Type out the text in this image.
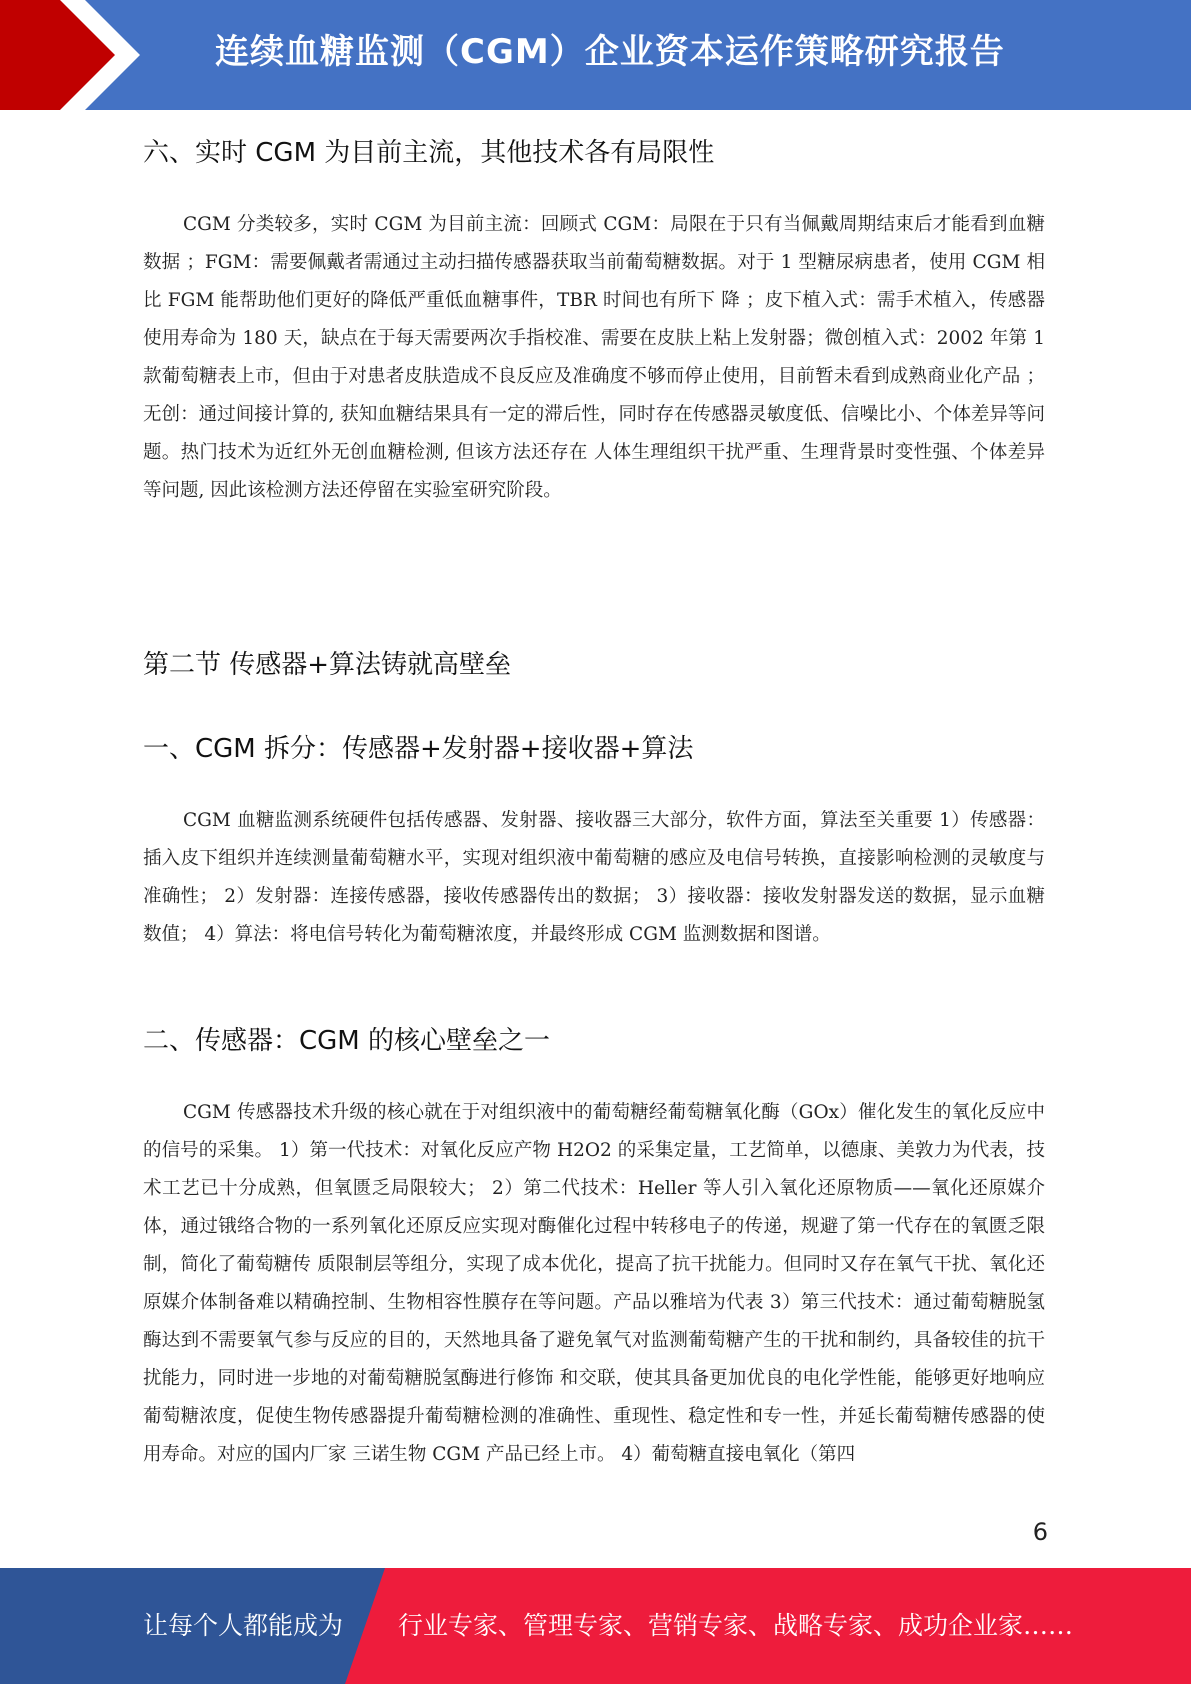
连续血糖监测（CGM）企业资本运作策略研究报告
六、实时 CGM 为目前主流，其他技术各有局限性

CGM 分类较多，实时 CGM 为目前主流：回顾式 CGM：局限在于只有当佩戴周期结束后才能看到血糖数据 ；FGM：需要佩戴者需通过主动扫描传感器获取当前葡萄糖数据。对于 1 型糖尿病患者，使用 CGM 相比 FGM 能帮助他们更好的降低严重低血糖事件，TBR 时间也有所下 降 ；皮下植入式：需手术植入，传感器使用寿命为 180 天，缺点在于每天需要两次手指校准、需要在皮肤上粘上发射器；微创植入式：2002 年第 1 款葡萄糖表上市，但由于对患者皮肤造成不良反应及准确度不够而停止使用，目前暂未看到成熟商业化产品 ；无创：通过间接计算的, 获知血糖结果具有一定的滞后性，同时存在传感器灵敏度低、信噪比小、个体差异等问题。热门技术为近红外无创血糖检测, 但该方法还存在 人体生理组织干扰严重、生理背景时变性强、个体差异等问题, 因此该检测方法还停留在实验室研究阶段。

第二节 传感器+算法铸就高壁垒
一、CGM 拆分：传感器+发射器+接收器+算法

CGM 血糖监测系统硬件包括传感器、发射器、接收器三大部分，软件方面，算法至关重要 1）传感器：插入皮下组织并连续测量葡萄糖水平，实现对组织液中葡萄糖的感应及电信号转换，直接影响检测的灵敏度与准确性； 2）发射器：连接传感器，接收传感器传出的数据； 3）接收器：接收发射器发送的数据，显示血糖数值； 4）算法：将电信号转化为葡萄糖浓度，并最终形成 CGM 监测数据和图谱。

二、传感器：CGM 的核心壁垒之一

CGM 传感器技术升级的核心就在于对组织液中的葡萄糖经葡萄糖氧化酶（GOx）催化发生的氧化反应中的信号的采集。 1）第一代技术：对氧化反应产物 H2O2 的采集定量，工艺简单，以德康、美敦力为代表，技术工艺已十分成熟，但氧匮乏局限较大； 2）第二代技术：Heller 等人引入氧化还原物质——氧化还原媒介体，通过锇络合物的一系列氧化还原反应实现对酶催化过程中转移电子的传递，规避了第一代存在的氧匮乏限制，简化了葡萄糖传 质限制层等组分，实现了成本优化，提高了抗干扰能力。但同时又存在氧气干扰、氧化还原媒介体制备难以精确控制、生物相容性膜存在等问题。产品以雅培为代表 3）第三代技术：通过葡萄糖脱氢酶达到不需要氧气参与反应的目的，天然地具备了避免氧气对监测葡萄糖产生的干扰和制约，具备较佳的抗干扰能力，同时进一步地的对葡萄糖脱氢酶进行修饰 和交联，使其具备更加优良的电化学性能，能够更好地响应葡萄糖浓度，促使生物传感器提升葡萄糖检测的准确性、重现性、稳定性和专一性，并延长葡萄糖传感器的使用寿命。对应的国内厂家 三诺生物 CGM 产品已经上市。 4）葡萄糖直接电氧化（第四

6
让每个人都能成为 行业专家、管理专家、营销专家、战略专家、成功企业家……
